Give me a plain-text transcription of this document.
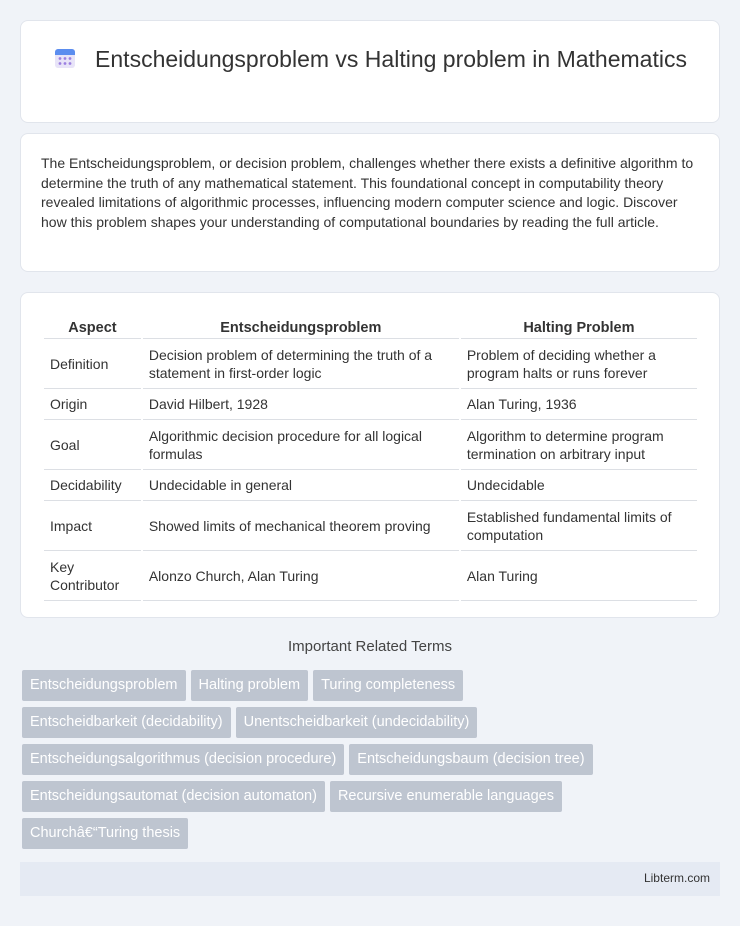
Entscheidungsproblem vs Halting problem in Mathematics

The Entscheidungsproblem, or decision problem, challenges whether there exists a definitive algorithm to determine the truth of any mathematical statement. This foundational concept in computability theory revealed limitations of algorithmic processes, influencing modern computer science and logic. Discover how this problem shapes your understanding of computational boundaries by reading the full article.

Aspect	Entscheidungsproblem	Halting Problem
Definition	Decision problem of determining the truth of a statement in first-order logic	Problem of deciding whether a program halts or runs forever
Origin	David Hilbert, 1928	Alan Turing, 1936
Goal	Algorithmic decision procedure for all logical formulas	Algorithm to determine program termination on arbitrary input
Decidability	Undecidable in general	Undecidable
Impact	Showed limits of mechanical theorem proving	Established fundamental limits of computation
Key Contributor	Alonzo Church, Alan Turing	Alan Turing
Important Related Terms
Entscheidungsproblem Halting problem Turing completeness
Entscheidbarkeit (decidability) Unentscheidbarkeit (undecidability)
Entscheidungsalgorithmus (decision procedure) Entscheidungsbaum (decision tree)
Entscheidungsautomat (decision automaton) Recursive enumerable languages
Churchâ€“Turing thesis
Libterm.com
